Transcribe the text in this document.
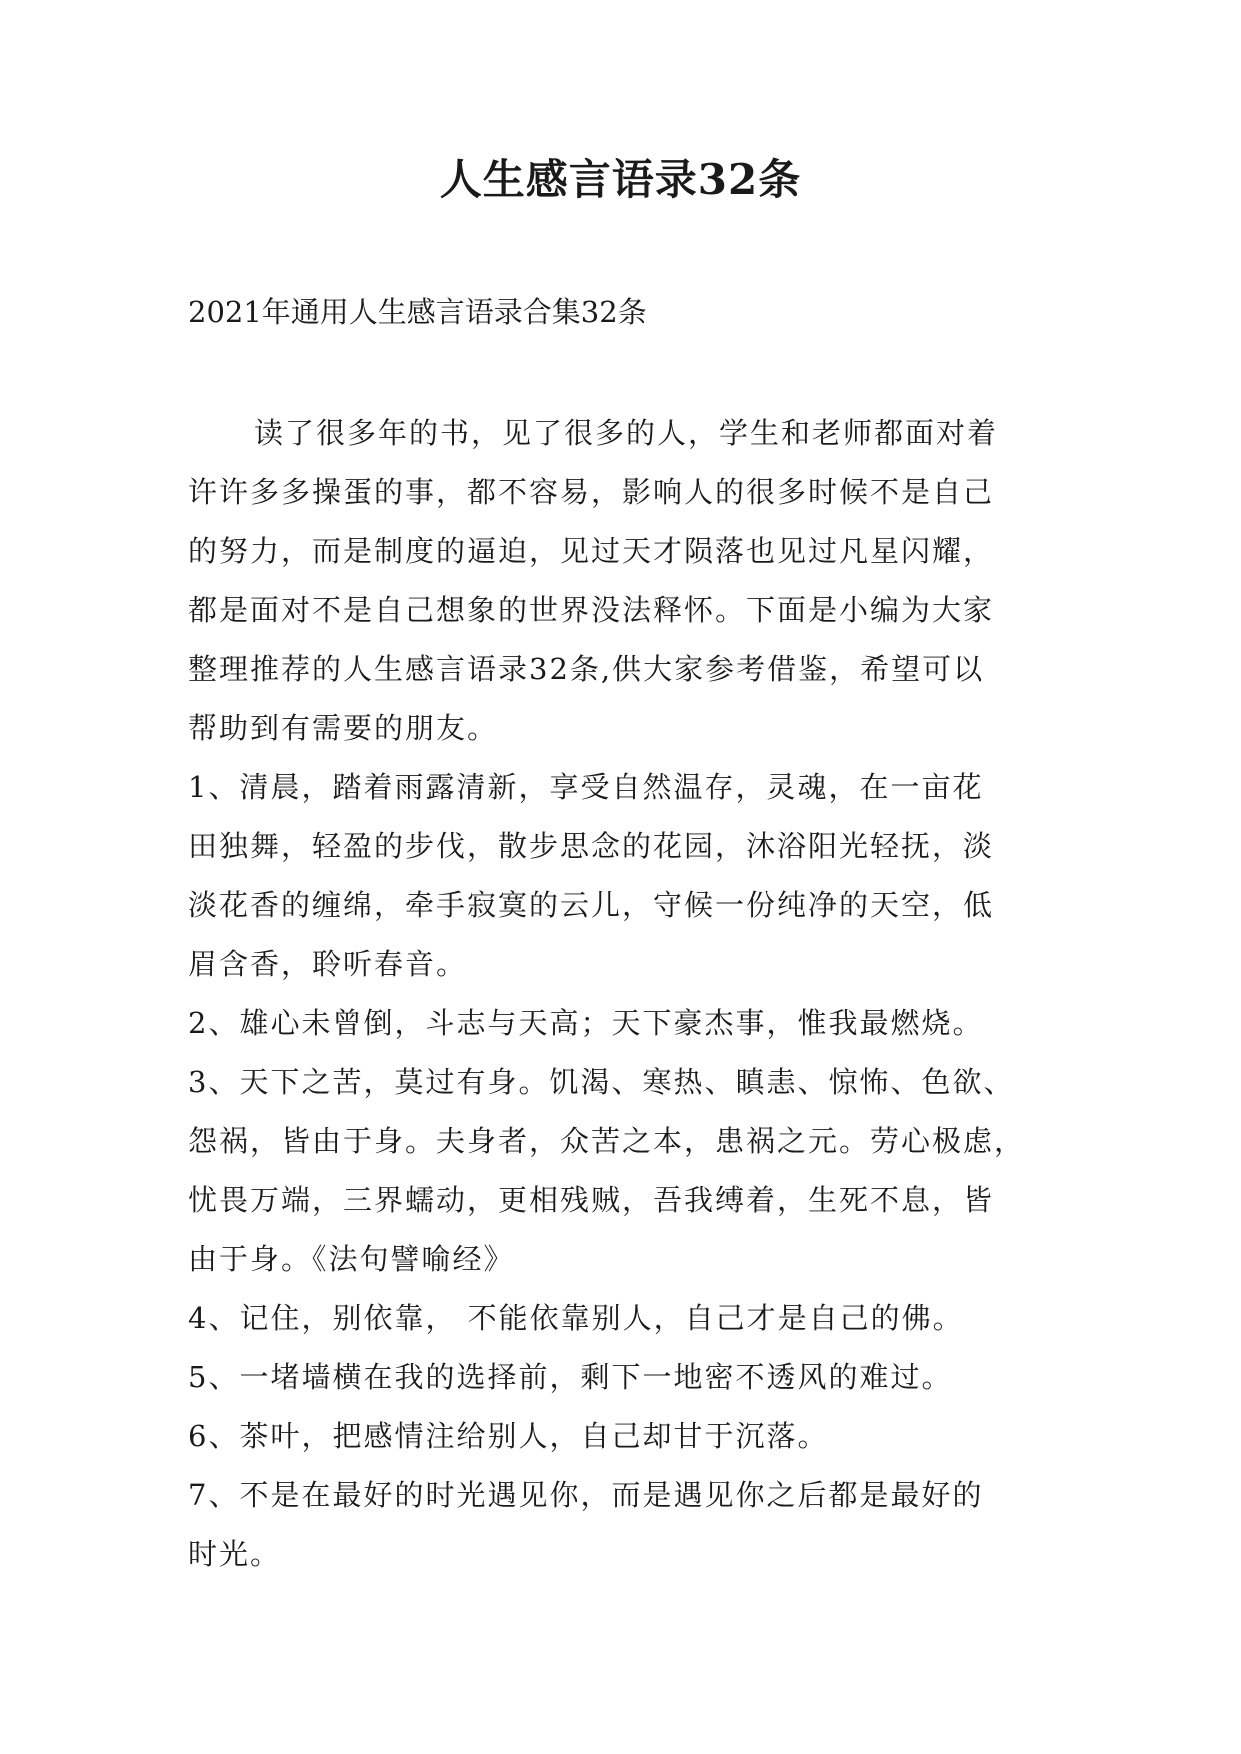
人生感言语录32条

2021年通用人生感言语录合集32条

读了很多年的书，见了很多的人，学生和老师都面对着
许许多多操蛋的事，都不容易，影响人的很多时候不是自己
的努力，而是制度的逼迫，见过天才陨落也见过凡星闪耀，
都是面对不是自己想象的世界没法释怀。下面是小编为大家
整理推荐的人生感言语录32条,供大家参考借鉴，希望可以
帮助到有需要的朋友。
1、清晨，踏着雨露清新，享受自然温存，灵魂，在一亩花
田独舞，轻盈的步伐，散步思念的花园，沐浴阳光轻抚，淡
淡花香的缠绵，牵手寂寞的云儿，守候一份纯净的天空，低
眉含香，聆听春音。
2、雄心未曾倒，斗志与天高；天下豪杰事，惟我最燃烧。
3、天下之苦，莫过有身。饥渴、寒热、瞋恚、惊怖、色欲、
怨祸，皆由于身。夫身者，众苦之本，患祸之元。劳心极虑，
忧畏万端，三界蠕动，更相残贼，吾我缚着，生死不息，皆
由于身。《法句譬喻经》
4、记住，别依靠， 不能依靠别人，自己才是自己的佛。
5、一堵墙横在我的选择前，剩下一地密不透风的难过。
6、茶叶，把感情注给别人，自己却甘于沉落。
7、不是在最好的时光遇见你，而是遇见你之后都是最好的
时光。
